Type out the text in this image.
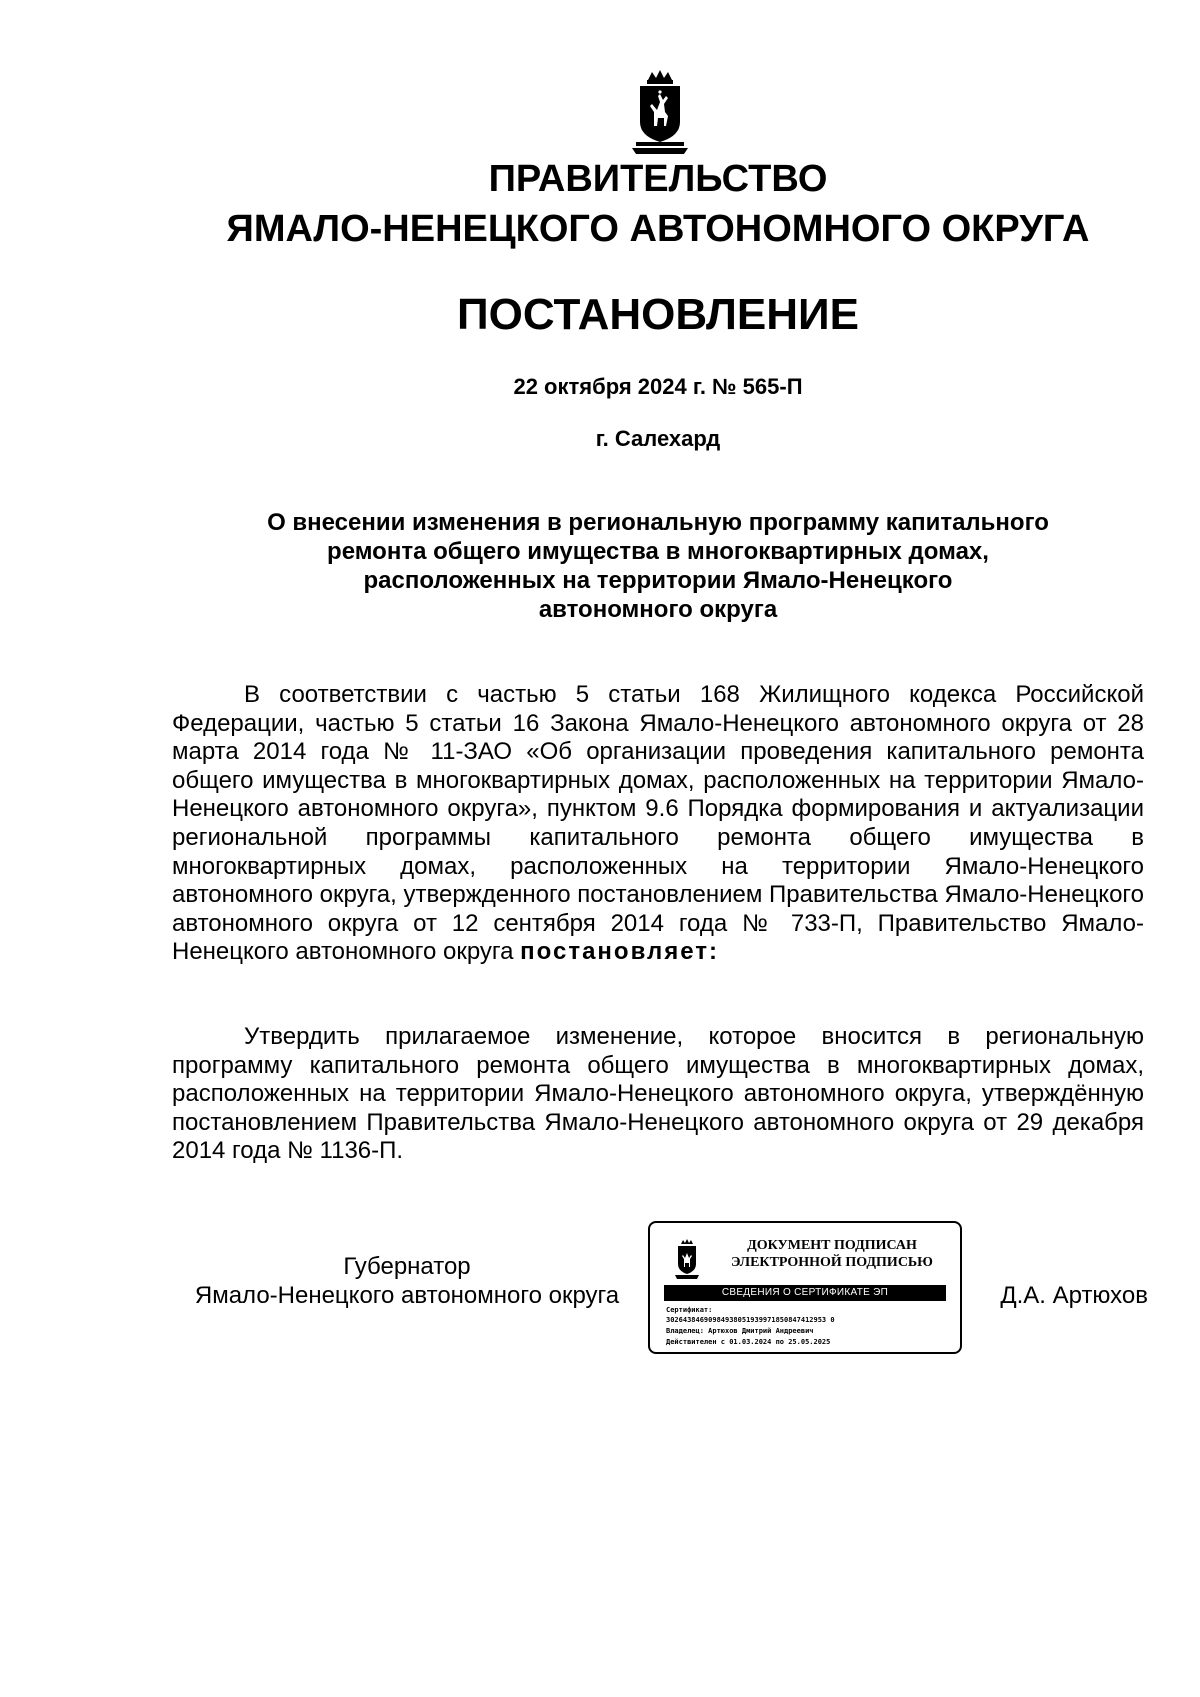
ПРАВИТЕЛЬСТВО
ЯМАЛО-НЕНЕЦКОГО АВТОНОМНОГО ОКРУГА
ПОСТАНОВЛЕНИЕ
22 октября 2024 г. № 565-П
г. Салехард
О внесении изменения в региональную программу капитального
ремонта общего имущества в многоквартирных домах,
расположенных на территории Ямало-Ненецкого
автономного округа
В соответствии с частью 5 статьи 168 Жилищного кодекса Российской Федерации, частью 5 статьи 16 Закона Ямало-Ненецкого автономного округа от 28 марта 2014 года № 11-ЗАО «Об организации проведения капитального ремонта общего имущества в многоквартирных домах, расположенных на территории Ямало-Ненецкого автономного округа», пунктом 9.6 Порядка формирования и актуализации региональной программы капитального ремонта общего имущества в многоквартирных домах, расположенных на территории Ямало-Ненецкого автономного округа, утвержденного постановлением Правительства Ямало-Ненецкого автономного округа от 12 сентября 2014 года № 733-П, Правительство Ямало-Ненецкого автономного округа постановляет:
Утвердить прилагаемое изменение, которое вносится в региональную программу капитального ремонта общего имущества в многоквартирных домах, расположенных на территории Ямало-Ненецкого автономного округа, утверждённую постановлением Правительства Ямало-Ненецкого автономного округа от 29 декабря 2014 года № 1136-П.
Губернатор
Ямало-Ненецкого автономного округа
ДОКУМЕНТ ПОДПИСАН
ЭЛЕКТРОННОЙ ПОДПИСЬЮ
СВЕДЕНИЯ О СЕРТИФИКАТЕ ЭП
Сертификат:
30264384690984938051939971850847412953 0
Владелец: Артюхов Дмитрий Андреевич
Действителен с 01.03.2024 по 25.05.2025
Д.А. Артюхов
